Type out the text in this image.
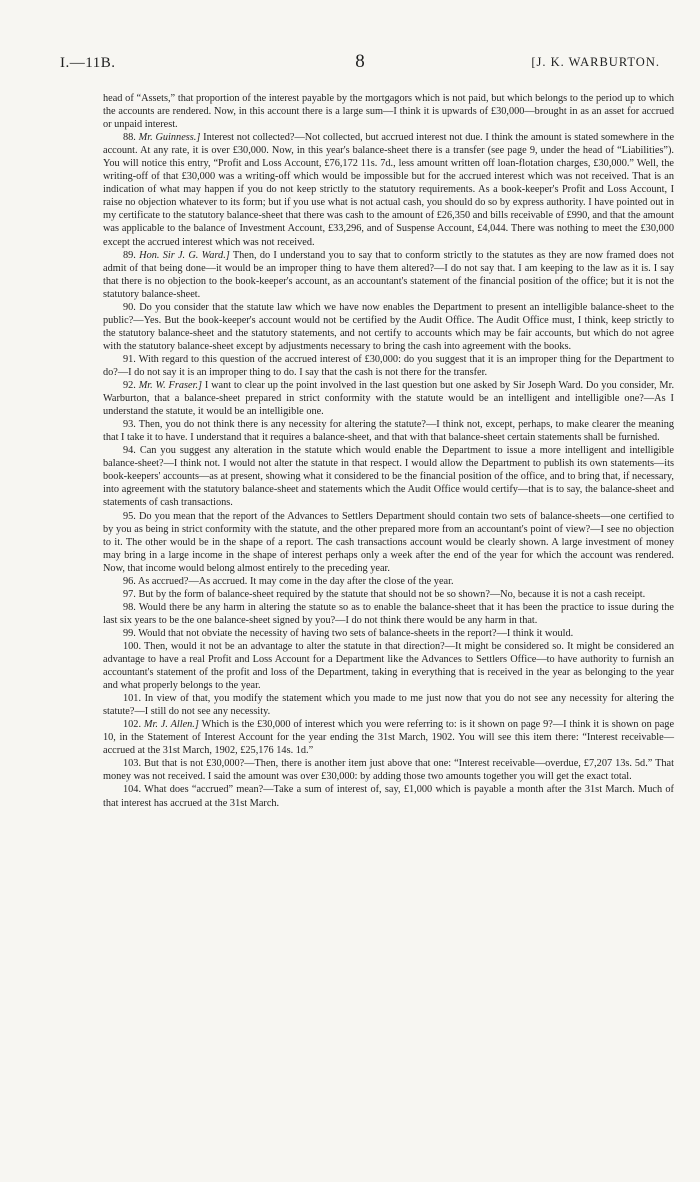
I.—11B.	8	[J. K. WARBURTON.

head of “Assets,” that proportion of the interest payable by the mortgagors which is not paid, but which belongs to the period up to which the accounts are rendered. Now, in this account there is a large sum—I think it is upwards of £30,000—brought in as an asset for accrued or unpaid interest.

88. Mr. Guinness.] Interest not collected?—Not collected, but accrued interest not due. I think the amount is stated somewhere in the account. At any rate, it is over £30,000. Now, in this year's balance-sheet there is a transfer (see page 9, under the head of “Liabilities”). You will notice this entry, “Profit and Loss Account, £76,172 11s. 7d., less amount written off loan-flotation charges, £30,000.” Well, the writing-off of that £30,000 was a writing-off which would be impossible but for the accrued interest which was not received. That is an indication of what may happen if you do not keep strictly to the statutory requirements. As a book-keeper's Profit and Loss Account, I raise no objection whatever to its form; but if you use what is not actual cash, you should do so by express authority. I have pointed out in my certificate to the statutory balance-sheet that there was cash to the amount of £26,350 and bills receivable of £990, and that the amount was applicable to the balance of Investment Account, £33,296, and of Suspense Account, £4,044. There was nothing to meet the £30,000 except the accrued interest which was not received.

89. Hon. Sir J. G. Ward.] Then, do I understand you to say that to conform strictly to the statutes as they are now framed does not admit of that being done—it would be an improper thing to have them altered?—I do not say that. I am keeping to the law as it is. I say that there is no objection to the book-keeper's account, as an accountant's statement of the financial position of the office; but it is not the statutory balance-sheet.

90. Do you consider that the statute law which we have now enables the Department to present an intelligible balance-sheet to the public?—Yes. But the book-keeper's account would not be certified by the Audit Office. The Audit Office must, I think, keep strictly to the statutory balance-sheet and the statutory statements, and not certify to accounts which may be fair accounts, but which do not agree with the statutory balance-sheet except by adjustments necessary to bring the cash into agreement with the books.

91. With regard to this question of the accrued interest of £30,000: do you suggest that it is an improper thing for the Department to do?—I do not say it is an improper thing to do. I say that the cash is not there for the transfer.

92. Mr. W. Fraser.] I want to clear up the point involved in the last question but one asked by Sir Joseph Ward. Do you consider, Mr. Warburton, that a balance-sheet prepared in strict conformity with the statute would be an intelligent and intelligible one?—As I understand the statute, it would be an intelligible one.

93. Then, you do not think there is any necessity for altering the statute?—I think not, except, perhaps, to make clearer the meaning that I take it to have. I understand that it requires a balance-sheet, and that with that balance-sheet certain statements shall be furnished.

94. Can you suggest any alteration in the statute which would enable the Department to issue a more intelligent and intelligible balance-sheet?—I think not. I would not alter the statute in that respect. I would allow the Department to publish its own statements—its book-keepers' accounts—as at present, showing what it considered to be the financial position of the office, and to bring that, if necessary, into agreement with the statutory balance-sheet and statements which the Audit Office would certify—that is to say, the balance-sheet and statements of cash transactions.

95. Do you mean that the report of the Advances to Settlers Department should contain two sets of balance-sheets—one certified to by you as being in strict conformity with the statute, and the other prepared more from an accountant's point of view?—I see no objection to it. The other would be in the shape of a report. The cash transactions account would be clearly shown. A large investment of money may bring in a large income in the shape of interest perhaps only a week after the end of the year for which the account was rendered. Now, that income would belong almost entirely to the preceding year.

96. As accrued?—As accrued. It may come in the day after the close of the year.

97. But by the form of balance-sheet required by the statute that should not be so shown?—No, because it is not a cash receipt.

98. Would there be any harm in altering the statute so as to enable the balance-sheet that it has been the practice to issue during the last six years to be the one balance-sheet signed by you?—I do not think there would be any harm in that.

99. Would that not obviate the necessity of having two sets of balance-sheets in the report?—I think it would.

100. Then, would it not be an advantage to alter the statute in that direction?—It might be considered so. It might be considered an advantage to have a real Profit and Loss Account for a Department like the Advances to Settlers Office—to have authority to furnish an accountant's statement of the profit and loss of the Department, taking in everything that is received in the year as belonging to the year and what properly belongs to the year.

101. In view of that, you modify the statement which you made to me just now that you do not see any necessity for altering the statute?—I still do not see any necessity.

102. Mr. J. Allen.] Which is the £30,000 of interest which you were referring to: is it shown on page 9?—I think it is shown on page 10, in the Statement of Interest Account for the year ending the 31st March, 1902. You will see this item there: “Interest receivable—accrued at the 31st March, 1902, £25,176 14s. 1d.”

103. But that is not £30,000?—Then, there is another item just above that one: “Interest receivable—overdue, £7,207 13s. 5d.” That money was not received. I said the amount was over £30,000: by adding those two amounts together you will get the exact total.

104. What does “accrued” mean?—Take a sum of interest of, say, £1,000 which is payable a month after the 31st March. Much of that interest has accrued at the 31st March.
